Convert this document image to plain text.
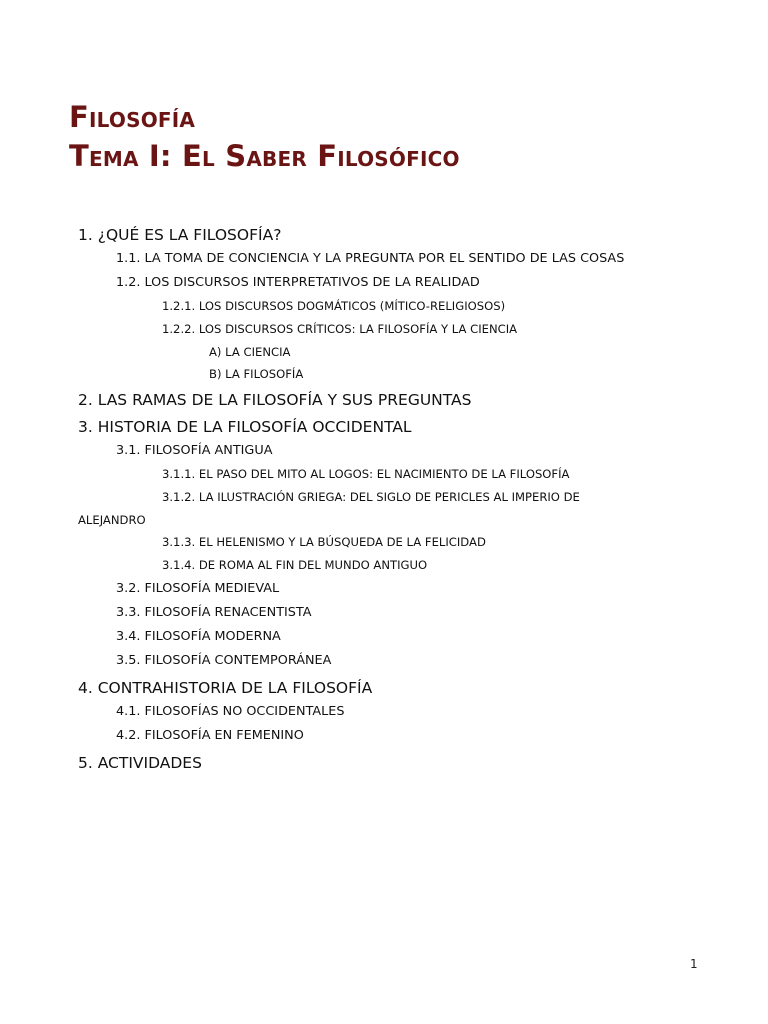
Filosofía
Tema I: El Saber Filosófico
1. ¿QUÉ ES LA FILOSOFÍA?
1.1. LA TOMA DE CONCIENCIA Y LA PREGUNTA POR EL SENTIDO DE LAS COSAS
1.2. LOS DISCURSOS INTERPRETATIVOS DE LA REALIDAD
1.2.1. LOS DISCURSOS DOGMÁTICOS (MÍTICO-RELIGIOSOS)
1.2.2. LOS DISCURSOS CRÍTICOS: LA FILOSOFÍA Y LA CIENCIA
A) LA CIENCIA
B) LA FILOSOFÍA
2. LAS RAMAS DE LA FILOSOFÍA Y SUS PREGUNTAS
3. HISTORIA DE LA FILOSOFÍA OCCIDENTAL
3.1. FILOSOFÍA ANTIGUA
3.1.1. EL PASO DEL MITO AL LOGOS: EL NACIMIENTO DE LA FILOSOFÍA
3.1.2. LA ILUSTRACIÓN GRIEGA: DEL SIGLO DE PERICLES AL IMPERIO DE
ALEJANDRO
3.1.3. EL HELENISMO Y LA BÚSQUEDA DE LA FELICIDAD
3.1.4. DE ROMA AL FIN DEL MUNDO ANTIGUO
3.2. FILOSOFÍA MEDIEVAL
3.3. FILOSOFÍA RENACENTISTA
3.4. FILOSOFÍA MODERNA
3.5. FILOSOFÍA CONTEMPORÁNEA
4. CONTRAHISTORIA DE LA FILOSOFÍA
4.1. FILOSOFÍAS NO OCCIDENTALES
4.2. FILOSOFÍA EN FEMENINO
5. ACTIVIDADES
1
